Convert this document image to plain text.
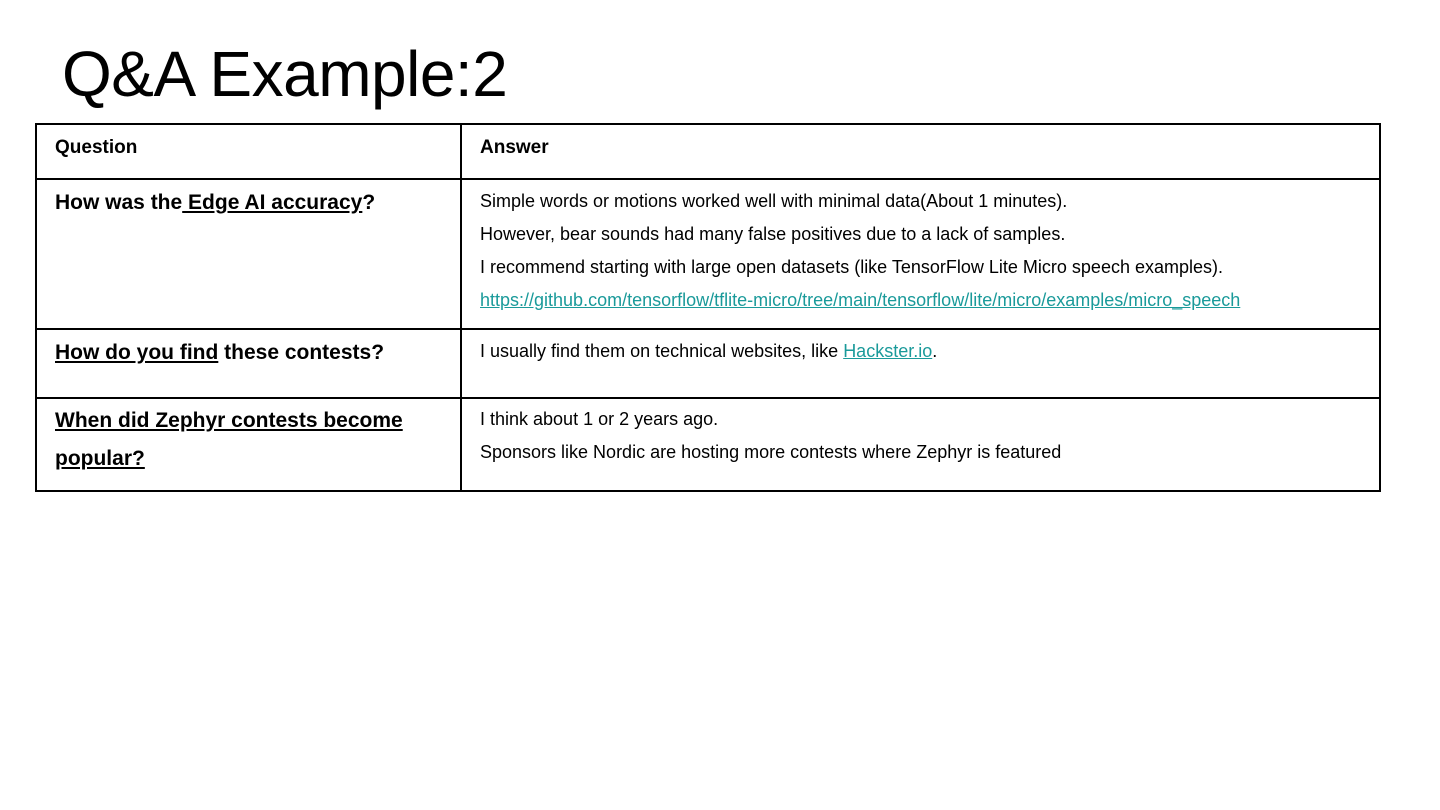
Q&A Example:2
Question	Answer

How was the Edge AI accuracy?	Simple words or motions worked well with minimal data(About 1 minutes).
However, bear sounds had many false positives due to a lack of samples.
I recommend starting with large open datasets (like TensorFlow Lite Micro speech examples).
https://github.com/tensorflow/tflite-micro/tree/main/tensorflow/lite/micro/examples/micro_speech

How do you find these contests?	I usually find them on technical websites, like Hackster.io.

When did Zephyr contests become popular?	I think about 1 or 2 years ago.
Sponsors like Nordic are hosting more contests where Zephyr is featured
